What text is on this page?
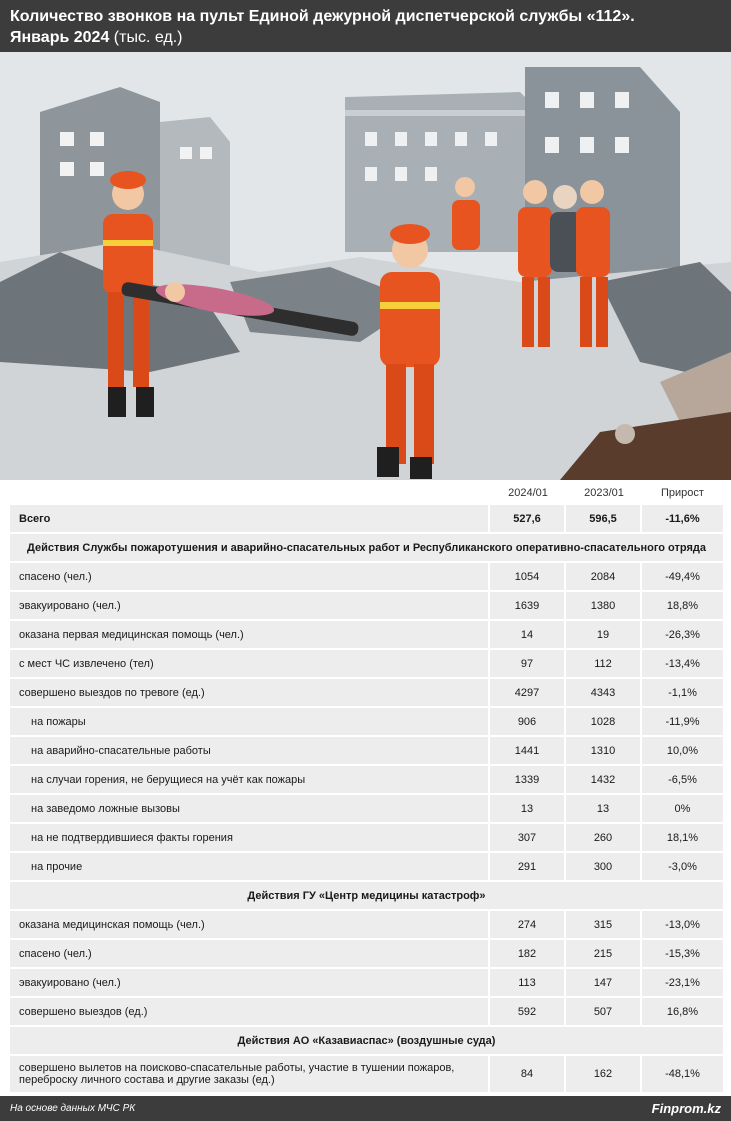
Количество звонков на пульт Единой дежурной диспетчерской службы «112».
Январь 2024 (тыс. ед.)
2024/01	2023/01	Прирост
Всего	527,6	596,5	-11,6%
Действия Службы пожаротушения и аварийно-спасательных работ и Республиканского оперативно-спасательного отряда
спасено (чел.)	1054	2084	-49,4%
эвакуировано (чел.)	1639	1380	18,8%
оказана первая медицинская помощь (чел.)	14	19	-26,3%
с мест ЧС извлечено (тел)	97	112	-13,4%
совершено выездов по тревоге (ед.)	4297	4343	-1,1%
на пожары	906	1028	-11,9%
на аварийно-спасательные работы	1441	1310	10,0%
на случаи горения, не берущиеся на учёт как пожары	1339	1432	-6,5%
на заведомо ложные вызовы	13	13	0%
на не подтвердившиеся факты горения	307	260	18,1%
на прочие	291	300	-3,0%
Действия ГУ «Центр медицины катастроф»
оказана медицинская помощь (чел.)	274	315	-13,0%
спасено (чел.)	182	215	-15,3%
эвакуировано (чел.)	113	147	-23,1%
совершено выездов (ед.)	592	507	16,8%
Действия АО «Казавиаспас» (воздушные суда)
совершено вылетов на поисково-спасательные работы, участие в тушении пожаров,
переброску личного состава и другие заказы (ед.)	84	162	-48,1%
На основе данных МЧС РК	Finprom.kz
